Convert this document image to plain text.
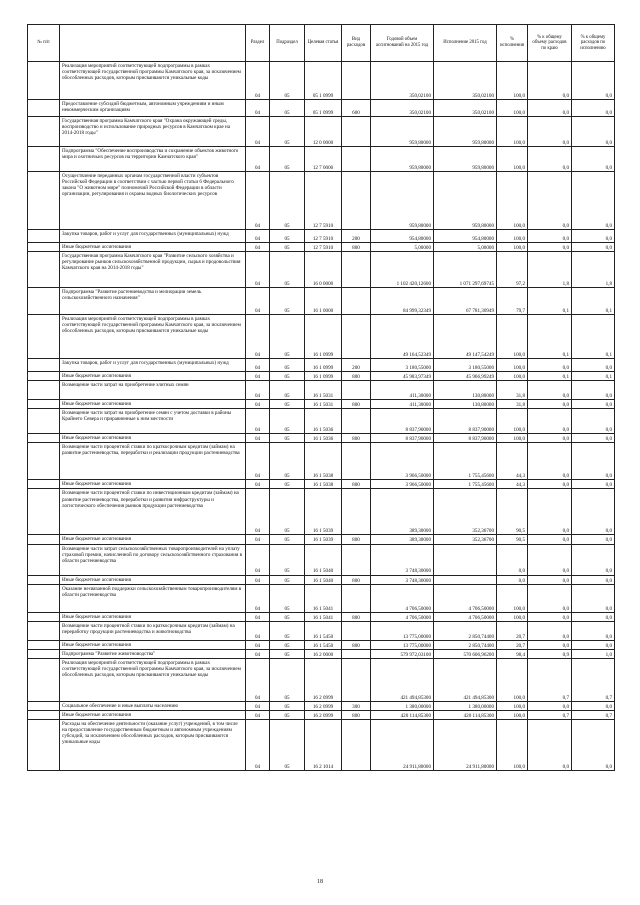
№ п/п		Раздел	Подраздел	Целевая статья	Вид расходов	Годовой объем ассигнований на 2015 год	Исполнение 2015 год	% исполнения	% к общему объему расходов по краю	% к общему расходов по исполнению
	Реализация мероприятий соответствующей подпрограммы в рамках соответствующей государственной программы Камчатского края, за исключением обособленных расходов, которым присваиваются уникальные коды	04	05	05 1 0999		350,02100	350,02100	100,0	0,0	0,0
	Предоставление субсидий бюджетным, автономным учреждениям и иным некоммерческим организациям	04	05	05 1 0999	600	350,02100	350,02100	100,0	0,0	0,0
	Государственная программа Камчатского края "Охрана окружающей среды, воспроизводство и использование природных ресурсов в Камчатском крае на 2014-2018 годы"	04	05	12 0 0000		959,80000	959,80000	100,0	0,0	0,0
	Подпрограмма "Обеспечение воспроизводства и сохранение объектов животного мира и охотничьих ресурсов на территории Камчатского края"	04	05	12 7 0000		959,80000	959,80000	100,0	0,0	0,0
	Осуществление переданных органам государственной власти субъектов Российской Федерации в соответствии с частью первой статьи 6 Федерального закона "О животном мире" полномочий Российской Федерации в области организации, регулирования и охраны водных биологических ресурсов	04	05	12 7 5910		959,80000	959,80000	100,0	0,0	0,0
	Закупка товаров, работ и услуг для государственных (муниципальных) нужд	04	05	12 7 5910	200	954,80000	954,80000	100,0	0,0	0,0
	Иные бюджетные ассигнования	04	05	12 7 5910	800	5,00000	5,00000	100,0	0,0	0,0
	Государственная программа Камчатского края "Развитие сельского хозяйства и регулирование рынков сельскохозяйственной продукции, сырья и продовольствия Камчатского края на 2014-2018 годы"	04	05	16 0 0000		1 102 420,12600	1 071 297,69745	97,2	1,8	1,8
	Подпрограмма "Развитие растениеводства и мелиорации земель сельскохозяйственного назначения"	04	05	16 1 0000		84 999,32349	67 781,30949	79,7	0,1	0,1
	Реализация мероприятий соответствующей подпрограммы в рамках соответствующей государственной программы Камчатского края, за исключением обособленных расходов, которым присваиваются уникальные коды	04	05	16 1 0999		49 164,52349	49 147,54249	100,0	0,1	0,1
	Закупка товаров, работ и услуг для государственных (муниципальных) нужд	04	05	16 1 0999	200	3 180,55000	3 180,55000	100,0	0,0	0,0
	Иные бюджетные ассигнования	04	05	16 1 0999	800	45 983,97349	45 966,99249	100,0	0,1	0,1
	Возмещение части затрат на приобретение элитных семян	04	05	16 1 5031		411,30000	130,80000	31,8	0,0	0,0
	Иные бюджетные ассигнования	04	05	16 1 5031	800	411,30000	130,80000	31,8	0,0	0,0
	Возмещение части затрат на приобретение семян с учетом доставки в районы Крайнего Севера и приравненные к ним местности	04	05	16 1 5036		8 837,90000	8 837,90000	100,0	0,0	0,0
	Иные бюджетные ассигнования	04	05	16 1 5036	800	8 837,90000	8 837,90000	100,0	0,0	0,0
	Возмещение части процентной ставки по краткосрочным кредитам (займам) на развитие растениеводства, переработки и реализации продукции растениеводства	04	05	16 1 5038		3 966,50000	1 755,45600	44,3	0,0	0,0
	Иные бюджетные ассигнования	04	05	16 1 5038	800	3 966,50000	1 755,45600	44,3	0,0	0,0
	Возмещение части процентной ставки по инвестиционным кредитам (займам) на развитие растениеводства, переработки и развития инфраструктуры и логистического обеспечения рынков продукции растениеводства	04	05	16 1 5039		389,30000	352,36700	90,5	0,0	0,0
	Иные бюджетные ассигнования	04	05	16 1 5039	800	389,30000	352,36700	90,5	0,0	0,0
	Возмещение части затрат сельскохозяйственных товаропроизводителей на уплату страховой премии, начисленной по договору сельскохозяйственного страхования в области растениеводства	04	05	16 1 5040		3 748,30000		0,0	0,0	0,0
	Иные бюджетные ассигнования	04	05	16 1 5040	800	3 748,30000		0,0	0,0	0,0
	Оказание несвязанной поддержки сельскохозяйственным товаропроизводителям в области растениеводства	04	05	16 1 5041		4 706,50000	4 706,50000	100,0	0,0	0,0
	Иные бюджетные ассигнования	04	05	16 1 5041	800	4 706,50000	4 706,50000	100,0	0,0	0,0
	Возмещение части процентной ставки по краткосрочным кредитам (займам) на переработку продукции растениеводства и животноводства	04	05	16 1 5450		13 775,00000	2 850,74400	20,7	0,0	0,0
	Иные бюджетные ассигнования	04	05	16 1 5450	800	13 775,00000	2 850,74400	20,7	0,0	0,0
	Подпрограмма "Развитие животноводства"	04	05	16 2 0000		579 972,03100	570 606,96200	98,4	0,9	1,0
	Реализация мероприятий соответствующей подпрограммы в рамках соответствующей государственной программы Камчатского края, за исключением обособленных расходов, которым присваиваются уникальные коды	04	05	16 2 0999		421 494,85300	421 494,85300	100,0	0,7	0,7
	Социальное обеспечение и иные выплаты населению	04	05	16 2 0999	300	1 380,00000	1 380,00000	100,0	0,0	0,0
	Иные бюджетные ассигнования	04	05	16 2 0999	800	420 114,85300	420 114,85300	100,0	0,7	0,7
	Расходы на обеспечение деятельности (оказание услуг) учреждений, в том числе на предоставление государственным бюджетным и автономным учреждениям субсидий, за исключением обособленных расходов, которым присваиваются уникальные коды	04	05	16 2 1014		24 911,80000	24 911,80000	100,0	0,0	0,0
18
